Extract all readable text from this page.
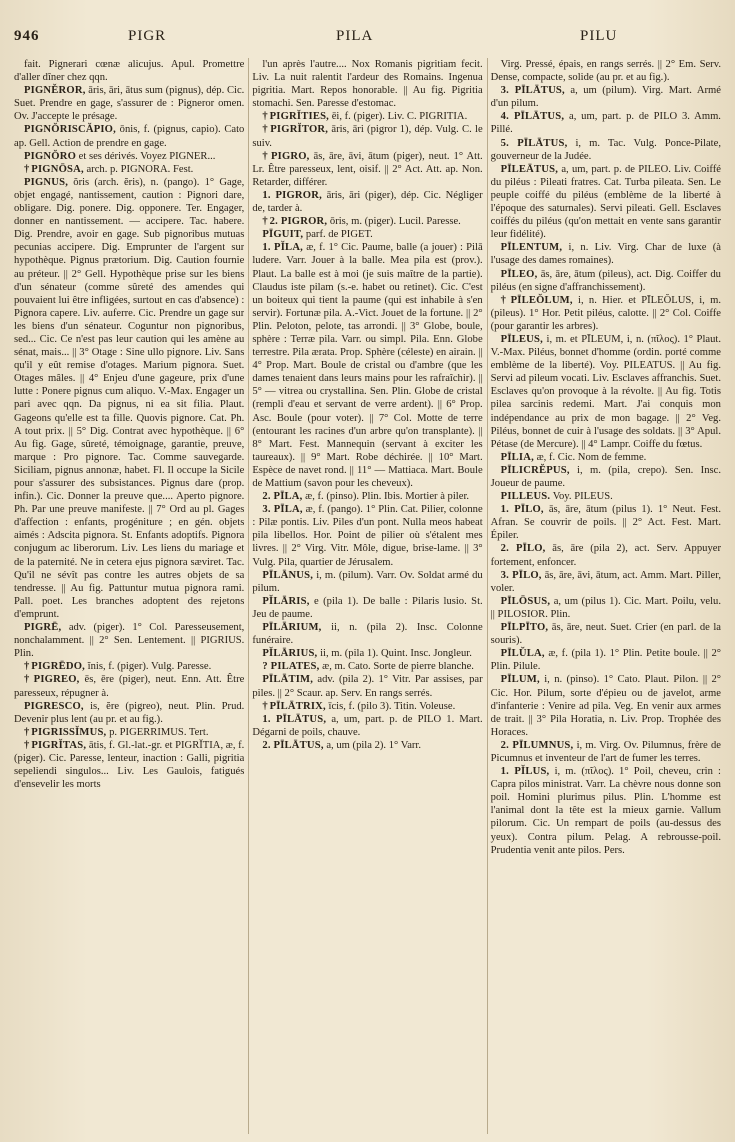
946	PIGR	PILA	PILU

fait. Pignerari cœnæ alicujus. Apul. Promettre d'aller dîner chez qqn.

PIGNĚROR, āris, āri, ātus sum (pignus), dép. Cic. Suet. Prendre en gage, s'assurer de : Pigneror omen. Ov. J'accepte le présage.

PIGNŎRISCĂPIO, ōnis, f. (pignus, capio). Cato ap. Gell. Action de prendre en gage.

PIGNŎRO et ses dérivés. Voyez PIGNER...

† PIGNŌSA, arch. p. PIGNORA. Fest.

PIGNUS, ŏris (arch. ĕris), n. (pango). 1° Gage, objet engagé, nantissement, caution : Pignori dare, obligare. Dig. ponere. Dig. opponere. Ter. Engager, donner en nantissement. — accipere. Tac. habere. Dig. Prendre, avoir en gage. Sub pignoribus mutuas pecunias accipere. Dig. Emprunter de l'argent sur hypothèque. Pignus prætorium. Dig. Caution fournie au préteur. || 2° Gell. Hypothèque prise sur les biens d'un sénateur (comme sûreté des amendes qui pouvaient lui être infligées, surtout en cas d'absence) : Pignora capere. Liv. auferre. Cic. Prendre un gage sur les biens d'un sénateur. Coguntur non pignoribus, sed... Cic. Ce n'est pas leur caution qui les amène au sénat, mais... || 3° Otage : Sine ullo pignore. Liv. Sans qu'il y eût remise d'otages. Marium pignora. Suet. Otages mâles. || 4° Enjeu d'une gageure, prix d'une lutte : Ponere pignus cum aliquo. V.-Max. Engager un pari avec qqn. Da pignus, ni ea sit filia. Plaut. Gageons qu'elle est ta fille. Quovis pignore. Cat. Ph. A tout prix. || 5° Dig. Contrat avec hypothèque. || 6° Au fig. Gage, sûreté, témoignage, garantie, preuve, marque : Pro pignore. Tac. Comme sauvegarde. Siciliam, pignus annonæ, habet. Fl. Il occupe la Sicile pour s'assurer des subsistances. Pignus dare (prop. infin.). Cic. Donner la preuve que.... Aperto pignore. Ph. Par une preuve manifeste. || 7° Ord au pl. Gages d'affection : enfants, progéniture ; en gén. objets aimés : Adscita pignora. St. Enfants adoptifs. Pignora conjugum ac liberorum. Liv. Les liens du mariage et de la paternité. Ne in cetera ejus pignora sæviret. Tac. Qu'il ne sévît pas contre les autres objets de sa tendresse. || Au fig. Pattuntur mutua pignora rami. Pall. poet. Les branches adoptent des rejetons d'emprunt.

PIGRĒ, adv. (piger). 1° Col. Paresseusement, nonchalamment. || 2° Sen. Lentement. || PIGRIUS. Plin.

† PIGRĒDO, ĭnis, f. (piger). Vulg. Paresse.

† PIGREO, ēs, ēre (piger), neut. Enn. Att. Être paresseux, répugner à.

PIGRESCO, is, ĕre (pigreo), neut. Plin. Prud. Devenir plus lent (au pr. et au fig.).

† PIGRISSĬMUS, p. PIGERRIMUS. Tert.

† PIGRĬTAS, ātis, f. Gl.-lat.-gr. et PIGRĬTIA, æ, f. (piger). Cic. Paresse, lenteur, inaction : Galli, pigritia sepeliendi singulos... Liv. Les Gaulois, fatigués d'ensevelir les morts

l'un après l'autre.... Nox Romanis pigritiam fecit. Liv. La nuit ralentit l'ardeur des Romains. Ingenua pigritia. Mart. Repos honorable. || Au fig. Pigritia stomachi. Sen. Paresse d'estomac.

† PIGRĬTIES, ēi, f. (piger). Liv. C. PIGRITIA.

† PIGRĬTOR, āris, āri (pigror 1), dép. Vulg. C. le suiv.

† PIGRO, ās, āre, āvi, ātum (piger), neut. 1° Att. Lr. Être paresseux, lent, oisif. || 2° Act. Att. ap. Non. Retarder, différer.

1. PIGROR, āris, āri (piger), dép. Cic. Négliger de, tarder à.

† 2. PIGROR, ōris, m. (piger). Lucil. Paresse.

PĪGUIT, parf. de PIGET.

1. PĬLA, æ, f. 1° Cic. Paume, balle (a jouer) : Pilā ludere. Varr. Jouer à la balle. Mea pila est (prov.). Plaut. La balle est à moi (je suis maître de la partie). Claudus iste pilam (s.-e. habet ou retinet). Cic. C'est un boiteux qui tient la paume (qui est inhabile à s'en servir). Fortunæ pila. A.-Vict. Jouet de la fortune. || 2° Plin. Peloton, pelote, tas arrondi. || 3° Globe, boule, sphère : Terræ pila. Varr. ou simpl. Pila. Enn. Globe terrestre. Pila ærata. Prop. Sphère (céleste) en airain. || 4° Prop. Mart. Boule de cristal ou d'ambre (que les dames tenaient dans leurs mains pour les rafraîchir). || 5° — vitrea ou crystallina. Sen. Plin. Globe de cristal (rempli d'eau et servant de verre ardent). || 6° Prop. Asc. Boule (pour voter). || 7° Col. Motte de terre (entourant les racines d'un arbre qu'on transplante). || 8° Mart. Fest. Mannequin (servant à exciter les taureaux). || 9° Mart. Robe déchirée. || 10° Mart. Espèce de navet rond. || 11° — Mattiaca. Mart. Boule de Mattium (savon pour les cheveux).

2. PĪLA, æ, f. (pinso). Plin. Ibis. Mortier à piler.

3. PĪLA, æ, f. (pango). 1° Plin. Cat. Pilier, colonne : Pilæ pontis. Liv. Piles d'un pont. Nulla meos habeat pila libellos. Hor. Point de pilier où s'étalent mes livres. || 2° Virg. Vitr. Môle, digue, brise-lame. || 3° Vulg. Pila, quartier de Jérusalem.

PĪLĀNUS, i, m. (pilum). Varr. Ov. Soldat armé du pilum.

PĬLĀRIS, e (pila 1). De balle : Pilaris lusio. St. Jeu de paume.

PĪLĀRIUM, ii, n. (pila 2). Insc. Colonne funéraire.

PĬLĀRIUS, ii, m. (pila 1). Quint. Insc. Jongleur.

? PILATES, æ, m. Cato. Sorte de pierre blanche.

PĪLĀTIM, adv. (pila 2). 1° Vitr. Par assises, par piles. || 2° Scaur. ap. Serv. En rangs serrés.

† PĪLĀTRIX, īcis, f. (pilo 3). Titin. Voleuse.

1. PĪLĀTUS, a, um, part. p. de PILO 1. Mart. Dégarni de poils, chauve.

2. PĪLĀTUS, a, um (pila 2). 1° Varr.

Virg. Pressé, épais, en rangs serrés. || 2° Em. Serv. Dense, compacte, solide (au pr. et au fig.).

3. PĪLĀTUS, a, um (pilum). Virg. Mart. Armé d'un pilum.

4. PĪLĀTUS, a, um, part. p. de PILO 3. Amm. Pillé.

5. PĪLĀTUS, i, m. Tac. Vulg. Ponce-Pilate, gouverneur de la Judée.

PĪLEĀTUS, a, um, part. p. de PILEO. Liv. Coiffé du piléus : Pileati fratres. Cat. Turba pileata. Sen. Le peuple coiffé du piléus (emblème de la liberté à l'époque des saturnales). Servi pileati. Gell. Esclaves coiffés du piléus (qu'on mettait en vente sans garantir leur fidélité).

PĪLENTUM, i, n. Liv. Virg. Char de luxe (à l'usage des dames romaines).

PĪLEO, ās, āre, ātum (pileus), act. Dig. Coiffer du piléus (en signe d'affranchissement).

† PĪLEŎLUM, i, n. Hier. et PĪLEŎLUS, i, m. (pileus). 1° Hor. Petit piléus, calotte. || 2° Col. Coiffe (pour garantir les arbres).

PĪLEUS, i, m. et PĪLEUM, i, n. (πῖλος). 1° Plaut. V.-Max. Piléus, bonnet d'homme (ordin. porté comme emblème de la liberté). Voy. PILEATUS. || Au fig. Servi ad pileum vocati. Liv. Esclaves affranchis. Suet. Esclaves qu'on provoque à la révolte. || Au fig. Totis pilea sarcinis redemi. Mart. J'ai conquis mon indépendance au prix de mon bagage. || 2° Veg. Piléus, bonnet de cuir à l'usage des soldats. || 3° Apul. Pétase (de Mercure). || 4° Lampr. Coiffe du fœtus.

PĪLIA, æ, f. Cic. Nom de femme.

PĪLICRĔPUS, i, m. (pila, crepo). Sen. Insc. Joueur de paume.

PILLEUS. Voy. PILEUS.

1. PĪLO, ās, āre, ātum (pilus 1). 1° Neut. Fest. Afran. Se couvrir de poils. || 2° Act. Fest. Mart. Épiler.

2. PĪLO, ās, āre (pila 2), act. Serv. Appuyer fortement, enfoncer.

3. PĪLO, ās, āre, āvi, ātum, act. Amm. Mart. Piller, voler.

PĪLŌSUS, a, um (pilus 1). Cic. Mart. Poilu, velu. || PILOSIOR. Plin.

PĪLPĪTO, ās, āre, neut. Suet. Crier (en parl. de la souris).

PĪLŬLA, æ, f. (pila 1). 1° Plin. Petite boule. || 2° Plin. Pilule.

PĪLUM, i, n. (pinso). 1° Cato. Plaut. Pilon. || 2° Cic. Hor. Pilum, sorte d'épieu ou de javelot, arme d'infanterie : Venire ad pila. Veg. En venir aux armes de trait. || 3° Pila Horatia, n. Liv. Prop. Trophée des Horaces.

2. PĪLUMNUS, i, m. Virg. Ov. Pilumnus, frère de Picumnus et inventeur de l'art de fumer les terres.

1. PĬLUS, i, m. (πῖλος). 1° Poil, cheveu, crin : Capra pilos ministrat. Varr. La chèvre nous donne son poil. Homini plurimus pilus. Plin. L'homme est l'animal dont la tête est la mieux garnie. Vallum pilorum. Cic. Un rempart de poils (au-dessus des yeux). Contra pilum. Pelag. A rebrousse-poil. Prudentia venit ante pilos. Pers.
